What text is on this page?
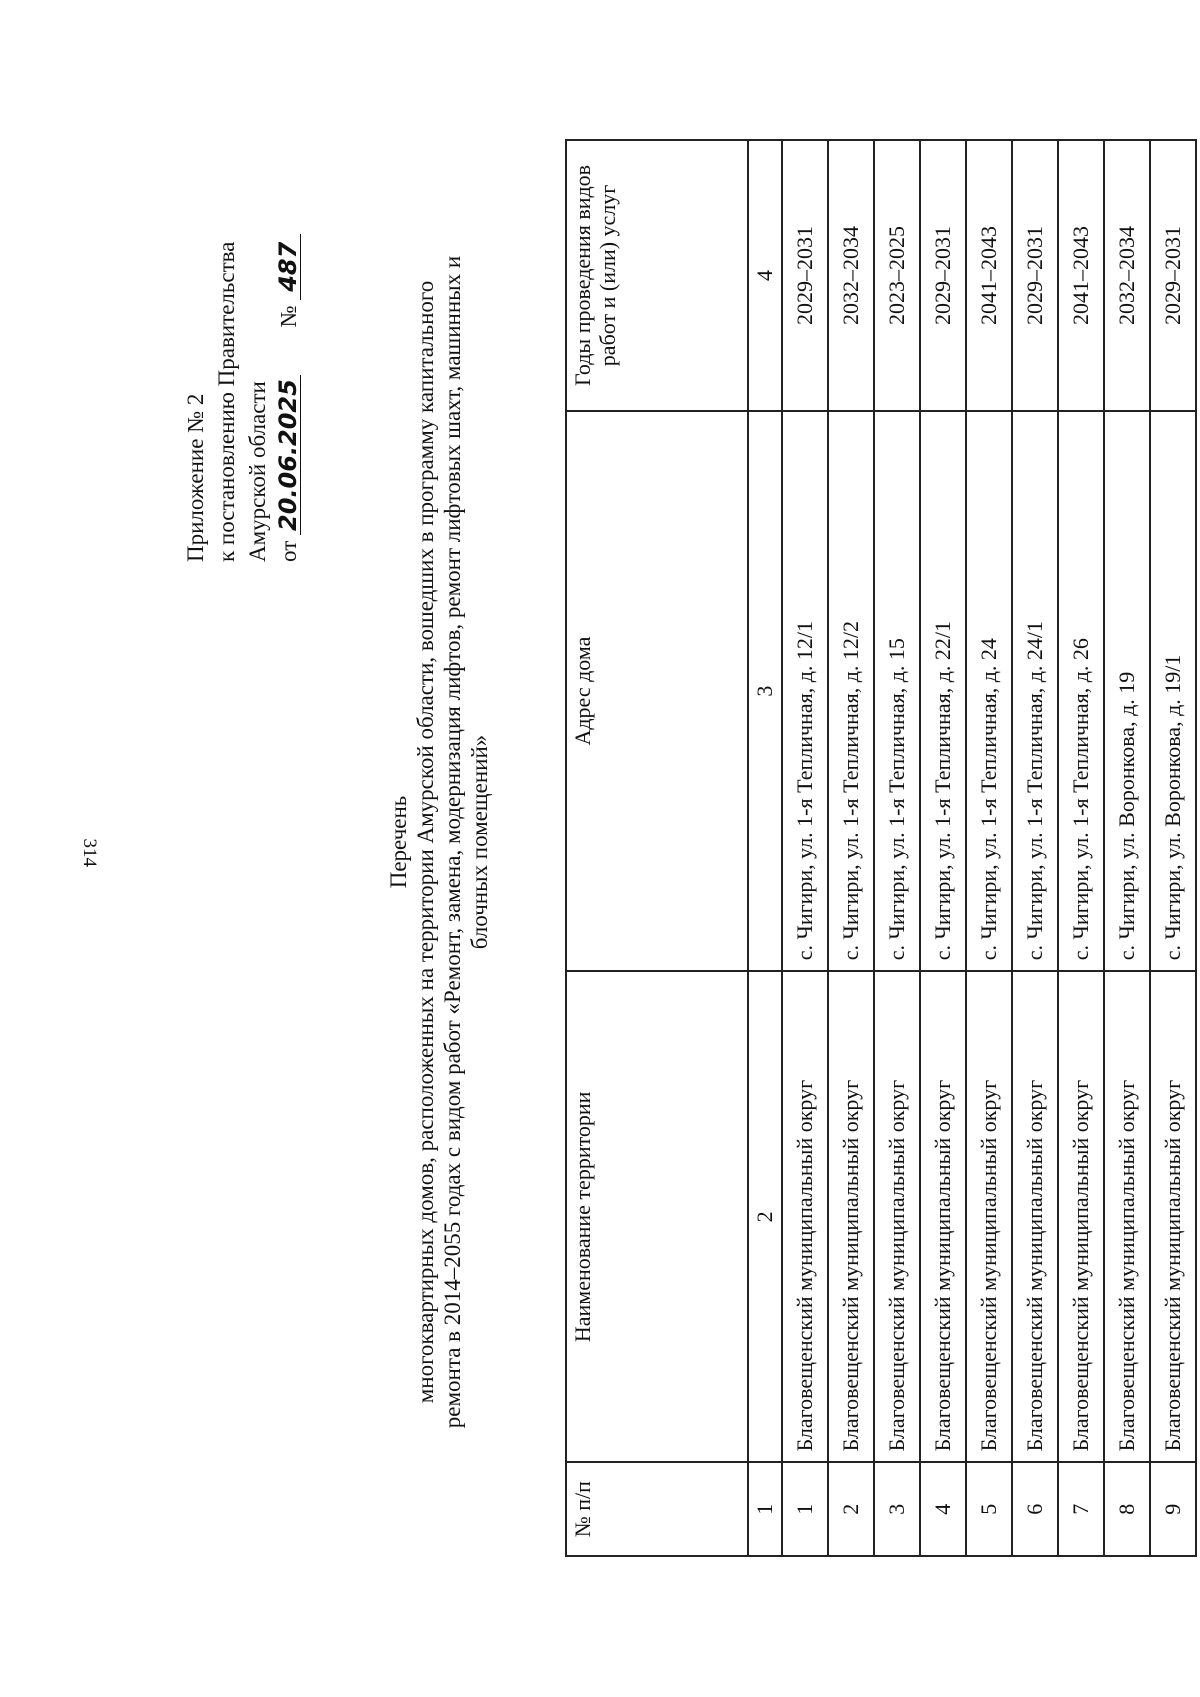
314
Приложение № 2 к постановлению Правительства Амурской области от 20.06.2025 № 487
Перечень многоквартирных домов, расположенных на территории Амурской области, вошедших в программу капитального ремонта в 2014–2055 годах с видом работ «Ремонт, замена, модернизация лифтов, ремонт лифтовых шахт, машинных и блочных помещений»
№ п/п	Наименование территории	Адрес дома	Годы проведения видов работ и (или) услуг
1	2	3	4
1	Благовещенский муниципальный округ	с. Чигири, ул. 1-я Тепличная, д. 12/1	2029–2031
2	Благовещенский муниципальный округ	с. Чигири, ул. 1-я Тепличная, д. 12/2	2032–2034
3	Благовещенский муниципальный округ	с. Чигири, ул. 1-я Тепличная, д. 15	2023–2025
4	Благовещенский муниципальный округ	с. Чигири, ул. 1-я Тепличная, д. 22/1	2029–2031
5	Благовещенский муниципальный округ	с. Чигири, ул. 1-я Тепличная, д. 24	2041–2043
6	Благовещенский муниципальный округ	с. Чигири, ул. 1-я Тепличная, д. 24/1	2029–2031
7	Благовещенский муниципальный округ	с. Чигири, ул. 1-я Тепличная, д. 26	2041–2043
8	Благовещенский муниципальный округ	с. Чигири, ул. Воронкова, д. 19	2032–2034
9	Благовещенский муниципальный округ	с. Чигири, ул. Воронкова, д. 19/1	2029–2031
